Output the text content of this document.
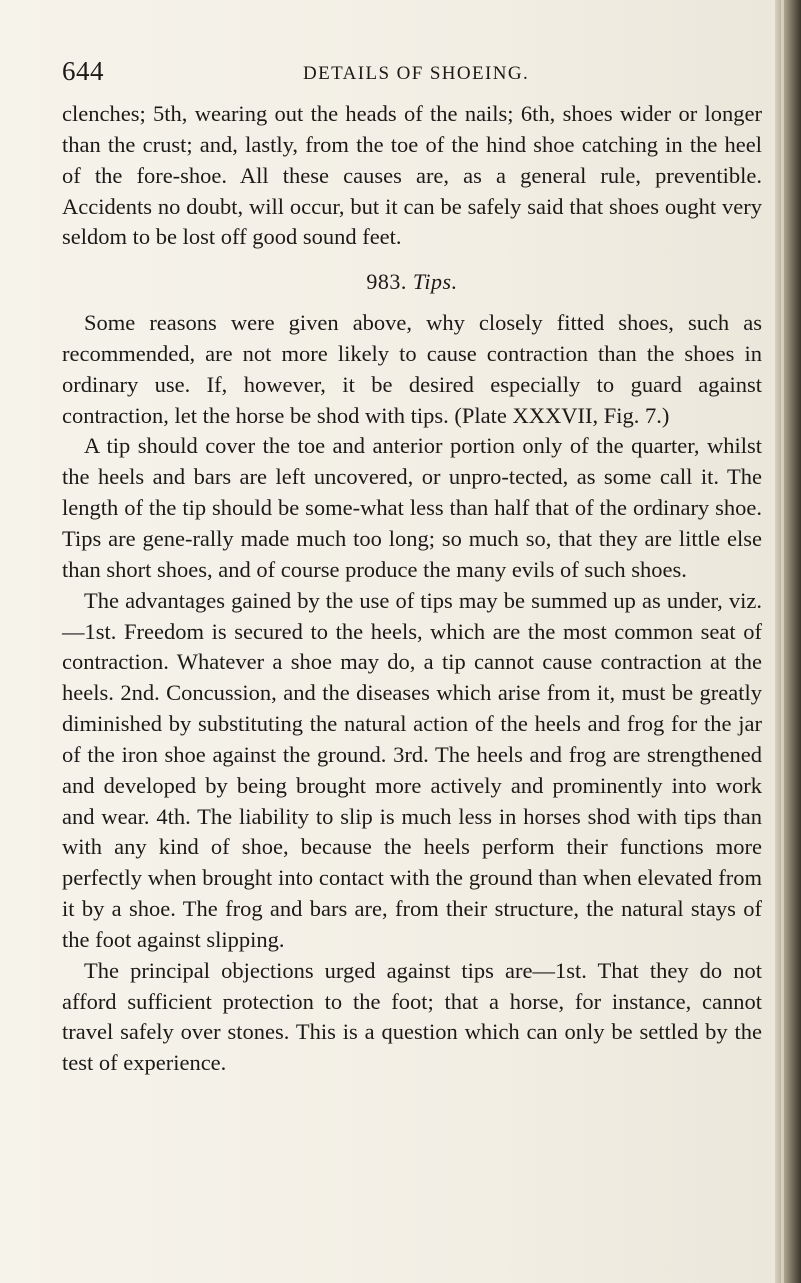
644	DETAILS OF SHOEING.

clenches; 5th, wearing out the heads of the nails; 6th, shoes wider or longer than the crust; and, lastly, from the toe of the hind shoe catching in the heel of the fore-shoe. All these causes are, as a general rule, preventible. Accidents no doubt, will occur, but it can be safely said that shoes ought very seldom to be lost off good sound feet.

983. Tips.

Some reasons were given above, why closely fitted shoes, such as recommended, are not more likely to cause contraction than the shoes in ordinary use. If, however, it be desired especially to guard against contraction, let the horse be shod with tips. (Plate XXXVII, Fig. 7.)

A tip should cover the toe and anterior portion only of the quarter, whilst the heels and bars are left uncovered, or unpro-tected, as some call it. The length of the tip should be some-what less than half that of the ordinary shoe. Tips are gene-rally made much too long; so much so, that they are little else than short shoes, and of course produce the many evils of such shoes.

The advantages gained by the use of tips may be summed up as under, viz.—1st. Freedom is secured to the heels, which are the most common seat of contraction. Whatever a shoe may do, a tip cannot cause contraction at the heels. 2nd. Concussion, and the diseases which arise from it, must be greatly diminished by substituting the natural action of the heels and frog for the jar of the iron shoe against the ground. 3rd. The heels and frog are strengthened and developed by being brought more actively and prominently into work and wear. 4th. The liability to slip is much less in horses shod with tips than with any kind of shoe, because the heels perform their functions more perfectly when brought into contact with the ground than when elevated from it by a shoe. The frog and bars are, from their structure, the natural stays of the foot against slipping.

The principal objections urged against tips are—1st. That they do not afford sufficient protection to the foot; that a horse, for instance, cannot travel safely over stones. This is a question which can only be settled by the test of experience.
